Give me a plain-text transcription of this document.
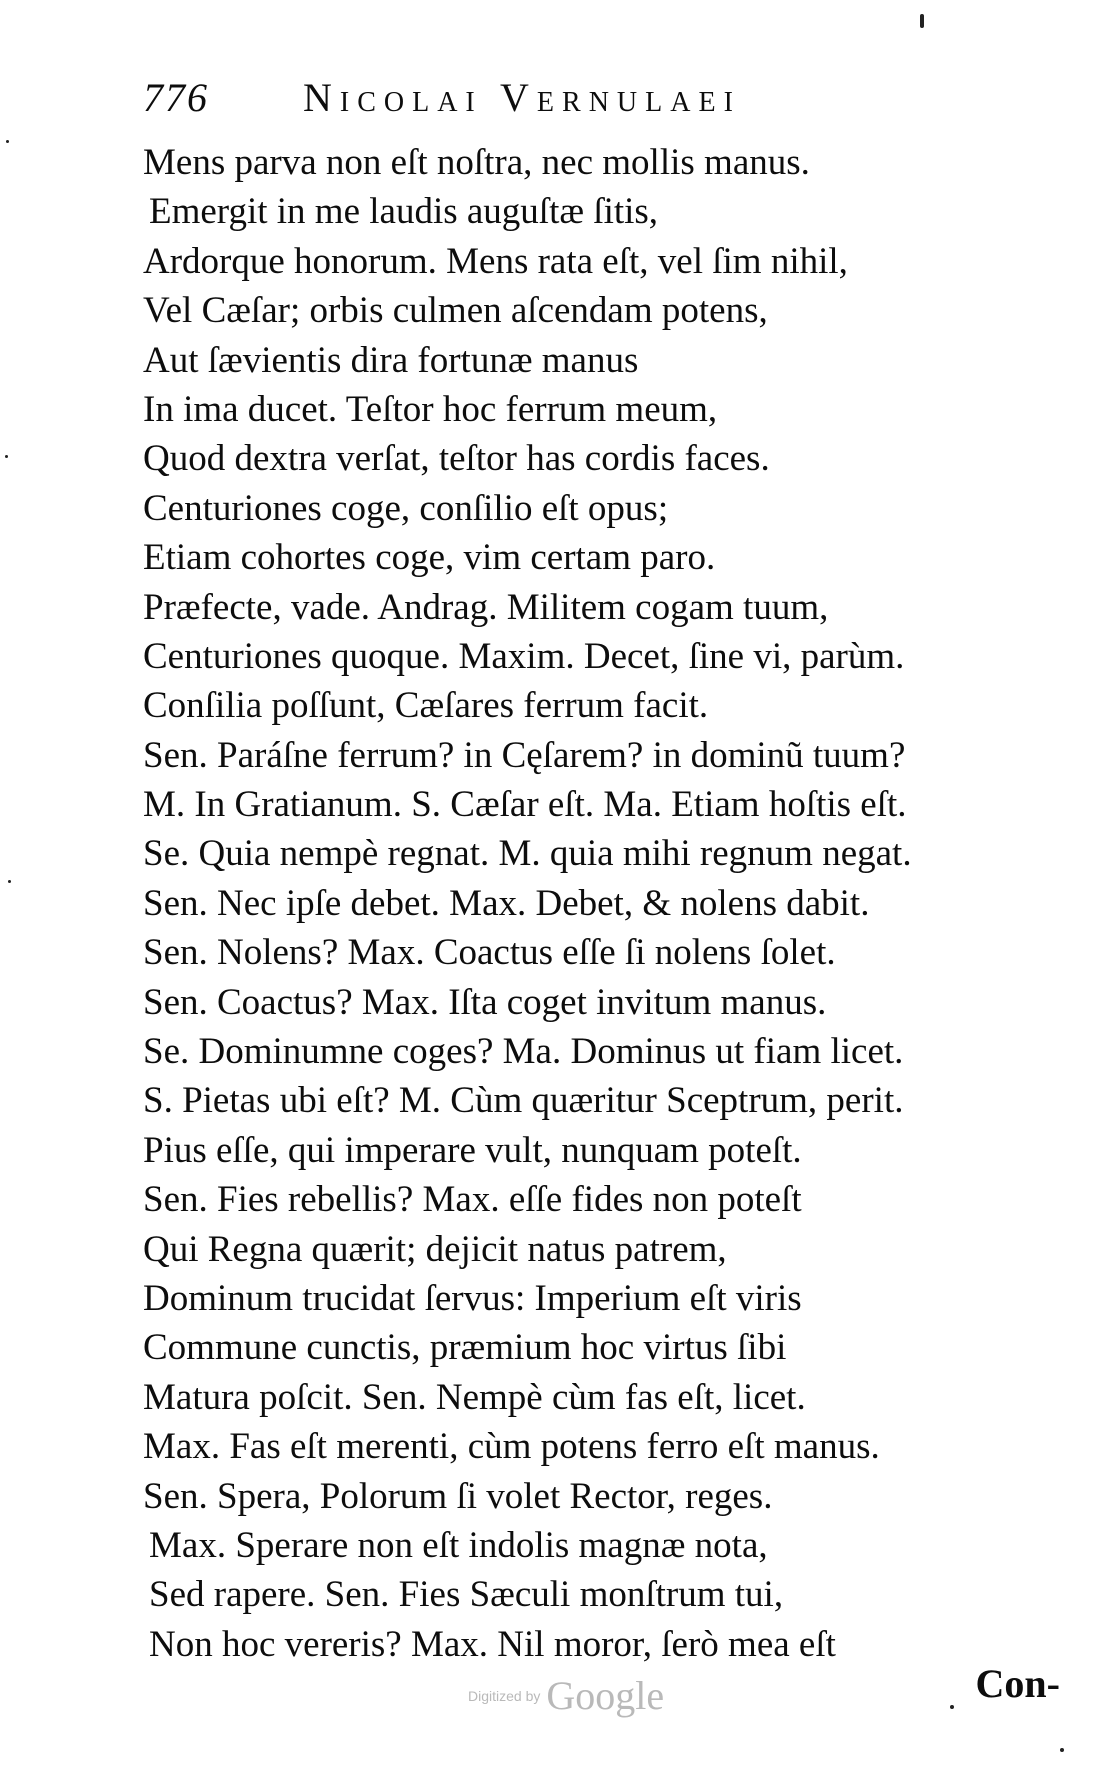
776 Nicolai Vernulaei
Mens parva non eſt noſtra, nec mollis manus.
Emergit in me laudis auguſtæ ſitis,
Ardorque honorum. Mens rata eſt, vel ſim nihil,
Vel Cæſar; orbis culmen aſcendam potens,
Aut ſævientis dira fortunæ manus
In ima ducet. Teſtor hoc ferrum meum,
Quod dextra verſat, teſtor has cordis faces.
Centuriones coge, conſilio eſt opus;
Etiam cohortes coge, vim certam paro.
Præfecte, vade. Andrag. Militem cogam tuum,
Centuriones quoque. Maxim. Decet, ſine vi, parùm.
Conſilia poſſunt, Cæſares ferrum facit.
Sen. Paráſne ferrum? in Cęſarem? in dominũ tuum?
M. In Gratianum. S. Cæſar eſt. Ma. Etiam hoſtis eſt.
Se. Quia nempè regnat. M. quia mihi regnum negat.
Sen. Nec ipſe debet. Max. Debet, & nolens dabit.
Sen. Nolens? Max. Coactus eſſe ſi nolens ſolet.
Sen. Coactus? Max. Iſta coget invitum manus.
Se. Dominumne coges? Ma. Dominus ut fiam licet.
S. Pietas ubi eſt? M. Cùm quæritur Sceptrum, perit.
Pius eſſe, qui imperare vult, nunquam poteſt.
Sen. Fies rebellis? Max. eſſe fides non poteſt
Qui Regna quærit; dejicit natus patrem,
Dominum trucidat ſervus: Imperium eſt viris
Commune cunctis, præmium hoc virtus ſibi
Matura poſcit. Sen. Nempè cùm fas eſt, licet.
Max. Fas eſt merenti, cùm potens ferro eſt manus.
Sen. Spera, Polorum ſi volet Rector, reges.
Max. Sperare non eſt indolis magnæ nota,
Sed rapere. Sen. Fies Sæculi monſtrum tui,
Non hoc vereris? Max. Nil moror, ſerò mea eſt
Con-
Digitized by Google
